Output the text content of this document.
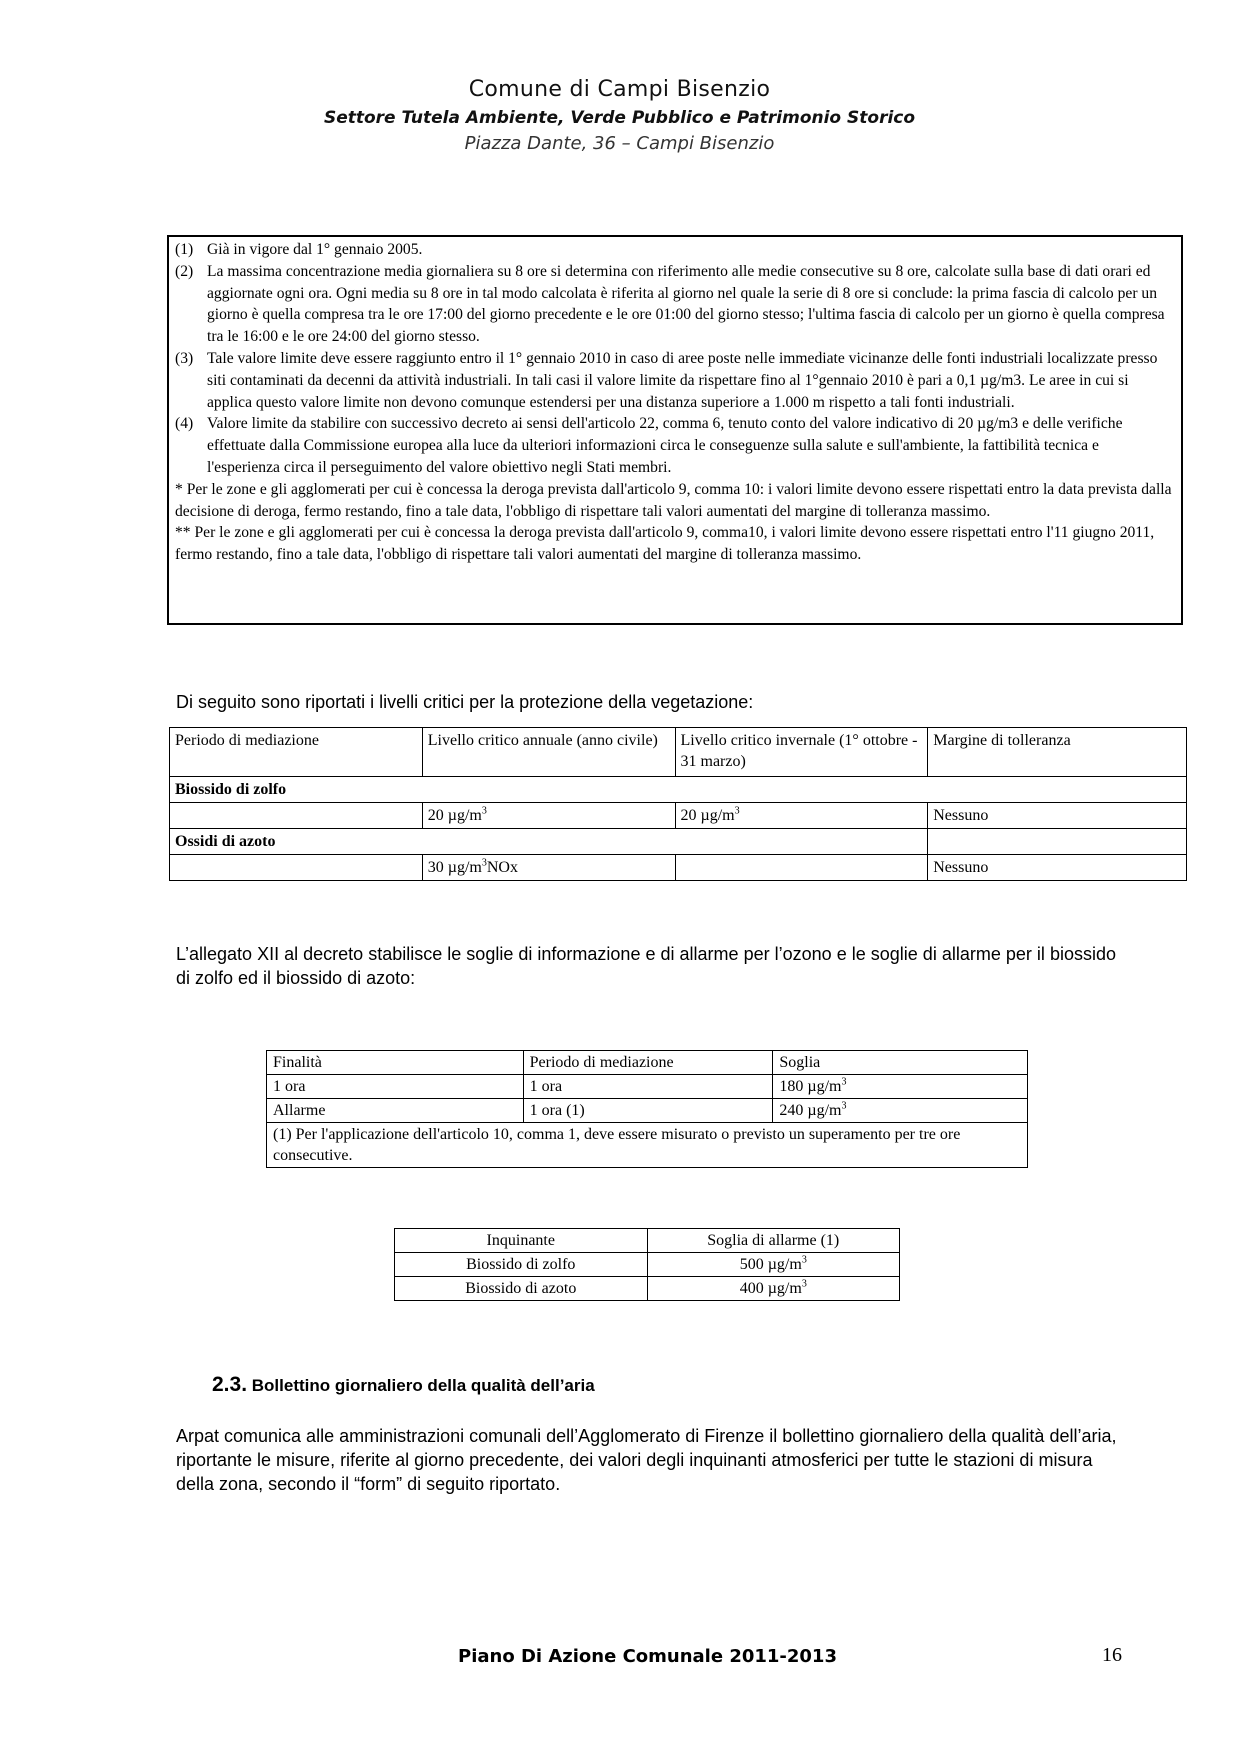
Comune di Campi Bisenzio
Settore Tutela Ambiente, Verde Pubblico e Patrimonio Storico
Piazza Dante, 36 – Campi Bisenzio
(1) Già in vigore dal 1° gennaio 2005.
(2) La massima concentrazione media giornaliera su 8 ore si determina con riferimento alle medie consecutive su 8 ore, calcolate sulla base di dati orari ed aggiornate ogni ora. Ogni media su 8 ore in tal modo calcolata è riferita al giorno nel quale la serie di 8 ore si conclude: la prima fascia di calcolo per un giorno è quella compresa tra le ore 17:00 del giorno precedente e le ore 01:00 del giorno stesso; l'ultima fascia di calcolo per un giorno è quella compresa tra le 16:00 e le ore 24:00 del giorno stesso.
(3) Tale valore limite deve essere raggiunto entro il 1° gennaio 2010 in caso di aree poste nelle immediate vicinanze delle fonti industriali localizzate presso siti contaminati da decenni da attività industriali. In tali casi il valore limite da rispettare fino al 1°gennaio 2010 è pari a 0,1 µg/m3. Le aree in cui si applica questo valore limite non devono comunque estendersi per una distanza superiore a 1.000 m rispetto a tali fonti industriali.
(4) Valore limite da stabilire con successivo decreto ai sensi dell'articolo 22, comma 6, tenuto conto del valore indicativo di 20 µg/m3 e delle verifiche effettuate dalla Commissione europea alla luce da ulteriori informazioni circa le conseguenze sulla salute e sull'ambiente, la fattibilità tecnica e l'esperienza circa il perseguimento del valore obiettivo negli Stati membri.
* Per le zone e gli agglomerati per cui è concessa la deroga prevista dall'articolo 9, comma 10: i valori limite devono essere rispettati entro la data prevista dalla decisione di deroga, fermo restando, fino a tale data, l'obbligo di rispettare tali valori aumentati del margine di tolleranza massimo.
** Per le zone e gli agglomerati per cui è concessa la deroga prevista dall'articolo 9, comma10, i valori limite devono essere rispettati entro l'11 giugno 2011, fermo restando, fino a tale data, l'obbligo di rispettare tali valori aumentati del margine di tolleranza massimo.
Di seguito sono riportati i livelli critici per la protezione della vegetazione:
Periodo di mediazione	Livello critico annuale (anno civile)	Livello critico invernale (1° ottobre - 31 marzo)	Margine di tolleranza
Biossido di zolfo			
	20 $\mu g/m^3$	20 $\mu g/m^3$	Nessuno
Ossidi di azoto			
	30 $\mu g/m^3NOx$		Nessuno
L’allegato XII al decreto stabilisce le soglie di informazione e di allarme per l’ozono e le soglie di allarme per il biossido di zolfo ed il biossido di azoto:
Finalità	Periodo di mediazione	Soglia
1 ora	1 ora	180 $\mu g/m^3$
Allarme	1 ora (1)	240 $\mu g/m^3$
(1) Per l'applicazione dell'articolo 10, comma 1, deve essere misurato o previsto un superamento per tre ore consecutive.		
Inquinante	Soglia di allarme (1)
Biossido di zolfo	500 $\mu g/m^3$
Biossido di azoto	400 $\mu g/m^3$
2.3. Bollettino giornaliero della qualità dell’aria
Arpat comunica alle amministrazioni comunali dell’Agglomerato di Firenze il bollettino giornaliero della qualità dell’aria, riportante le misure, riferite al giorno precedente, dei valori degli inquinanti atmosferici per tutte le stazioni di misura della zona, secondo il “form” di seguito riportato.
Piano Di Azione Comunale 2011-2013	16
